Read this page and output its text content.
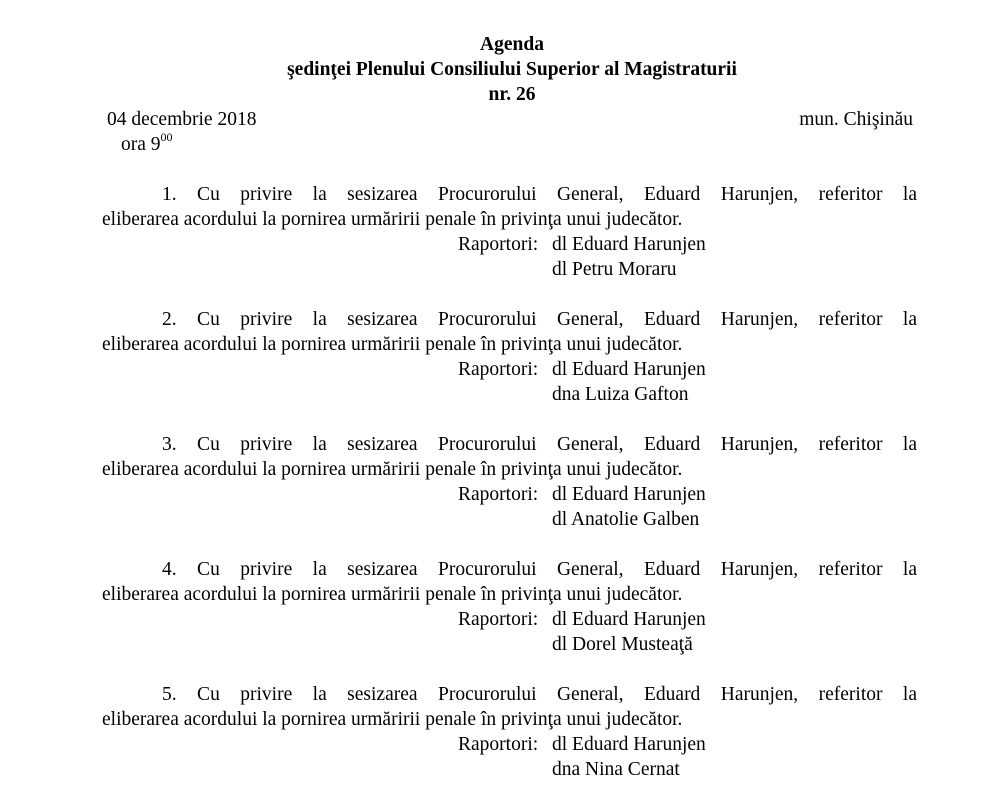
Agenda
şedinţei Plenului Consiliului Superior al Magistraturii
nr. 26
04 decembrie 2018	mun. Chişinău
ora $9^{00}$
1. Cu privire la sesizarea Procurorului General, Eduard Harunjen, referitor la
eliberarea acordului la pornirea urmăririi penale în privinţa unui judecător.
Raportori: dl Eduard Harunjen
dl Petru Moraru
2. Cu privire la sesizarea Procurorului General, Eduard Harunjen, referitor la
eliberarea acordului la pornirea urmăririi penale în privinţa unui judecător.
Raportori: dl Eduard Harunjen
dna Luiza Gafton
3. Cu privire la sesizarea Procurorului General, Eduard Harunjen, referitor la
eliberarea acordului la pornirea urmăririi penale în privinţa unui judecător.
Raportori: dl Eduard Harunjen
dl Anatolie Galben
4. Cu privire la sesizarea Procurorului General, Eduard Harunjen, referitor la
eliberarea acordului la pornirea urmăririi penale în privinţa unui judecător.
Raportori: dl Eduard Harunjen
dl Dorel Musteaţă
5. Cu privire la sesizarea Procurorului General, Eduard Harunjen, referitor la
eliberarea acordului la pornirea urmăririi penale în privinţa unui judecător.
Raportori: dl Eduard Harunjen
dna Nina Cernat
